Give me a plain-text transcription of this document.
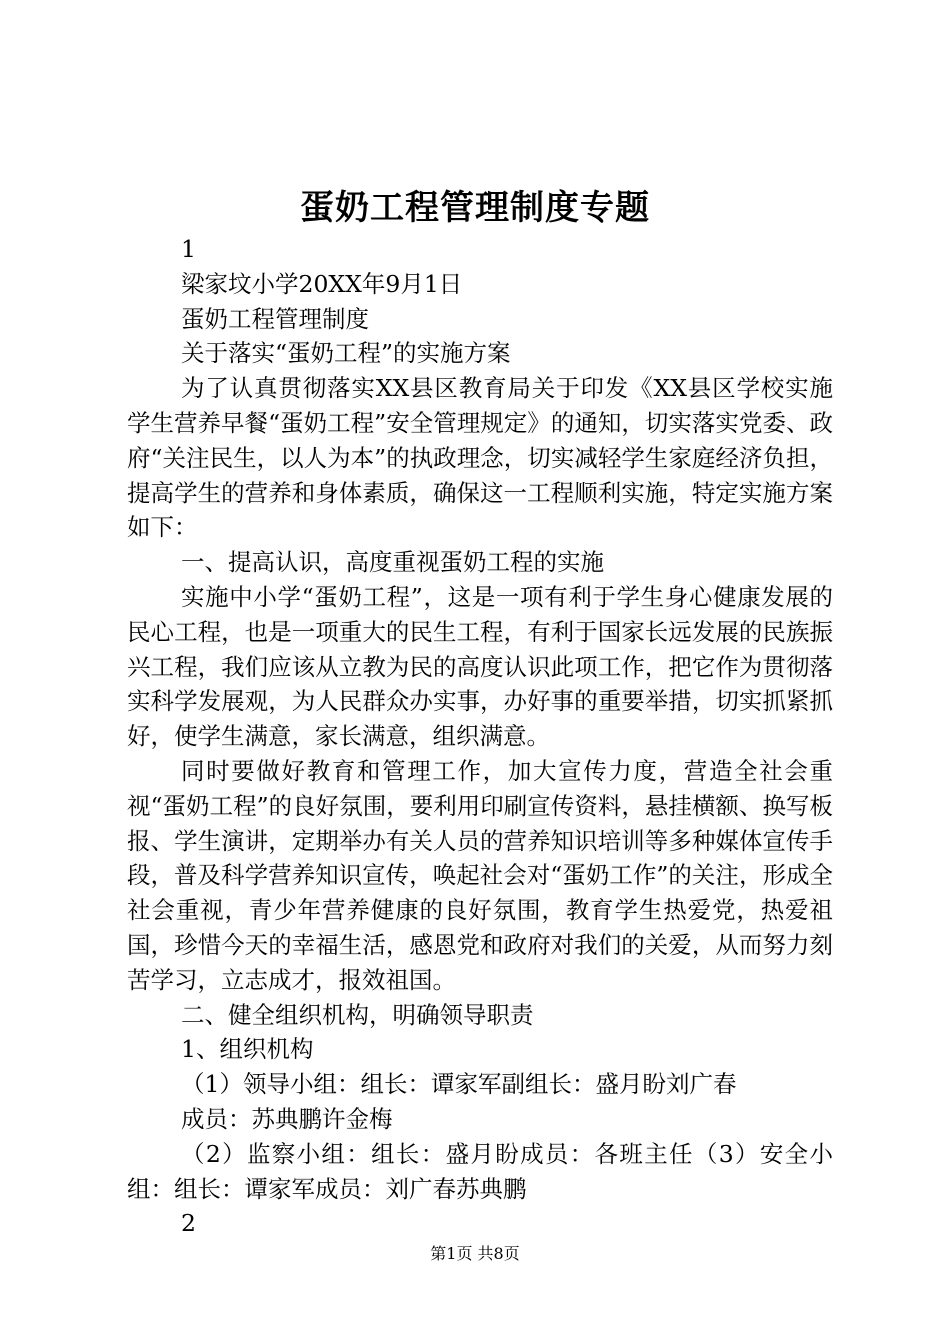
蛋奶工程管理制度专题

1

梁家坟小学20XX年9月1日

蛋奶工程管理制度

关于落实“蛋奶工程”的实施方案

为了认真贯彻落实XX县区教育局关于印发《XX县区学校实施学生营养早餐“蛋奶工程”安全管理规定》的通知，切实落实党委、政府“关注民生，以人为本”的执政理念，切实减轻学生家庭经济负担，提高学生的营养和身体素质，确保这一工程顺利实施，特定实施方案如下：

一、提高认识，高度重视蛋奶工程的实施

实施中小学“蛋奶工程”，这是一项有利于学生身心健康发展的民心工程，也是一项重大的民生工程，有利于国家长远发展的民族振兴工程，我们应该从立教为民的高度认识此项工作，把它作为贯彻落实科学发展观，为人民群众办实事，办好事的重要举措，切实抓紧抓好，使学生满意，家长满意，组织满意。

同时要做好教育和管理工作，加大宣传力度，营造全社会重视“蛋奶工程”的良好氛围，要利用印刷宣传资料，悬挂横额、换写板报、学生演讲，定期举办有关人员的营养知识培训等多种媒体宣传手段，普及科学营养知识宣传，唤起社会对“蛋奶工作”的关注，形成全社会重视，青少年营养健康的良好氛围，教育学生热爱党，热爱祖国，珍惜今天的幸福生活，感恩党和政府对我们的关爱，从而努力刻苦学习，立志成才，报效祖国。

二、健全组织机构，明确领导职责

1、组织机构

（1）领导小组：组长：谭家军副组长：盛月盼刘广春

成员：苏典鹏许金梅

（2）监察小组：组长：盛月盼成员：各班主任（3）安全小组：组长：谭家军成员：刘广春苏典鹏

2

第1页 共8页
